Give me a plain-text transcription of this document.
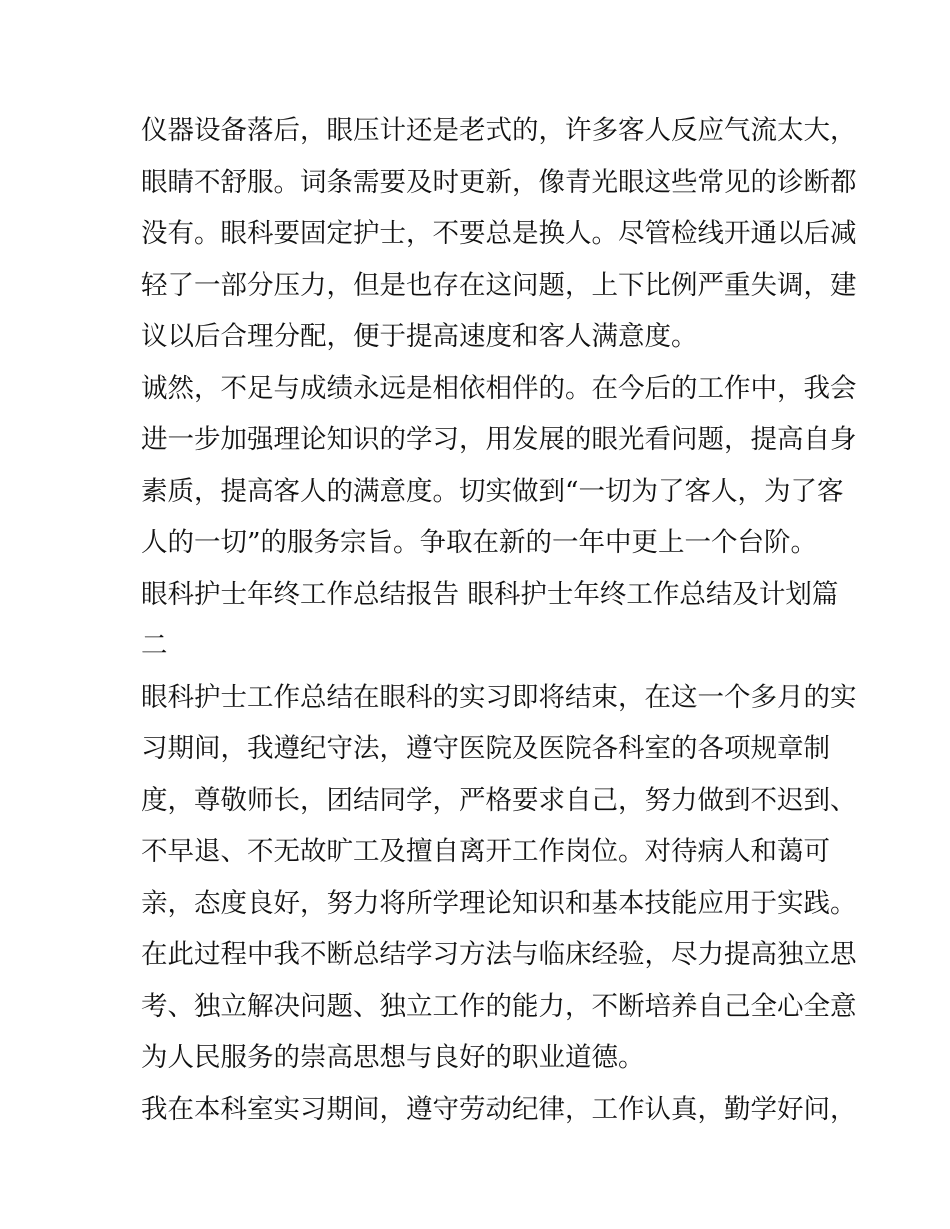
仪器设备落后，眼压计还是老式的，许多客人反应气流太大，
眼睛不舒服。词条需要及时更新，像青光眼这些常见的诊断都
没有。眼科要固定护士，不要总是换人。尽管检线开通以后减
轻了一部分压力，但是也存在这问题，上下比例严重失调，建
议以后合理分配，便于提高速度和客人满意度。
诚然，不足与成绩永远是相依相伴的。在今后的工作中，我会
进一步加强理论知识的学习，用发展的眼光看问题，提高自身
素质，提高客人的满意度。切实做到“一切为了客人，为了客
人的一切”的服务宗旨。争取在新的一年中更上一个台阶。
眼科护士年终工作总结报告 眼科护士年终工作总结及计划篇
二
眼科护士工作总结在眼科的实习即将结束，在这一个多月的实
习期间，我遵纪守法，遵守医院及医院各科室的各项规章制
度，尊敬师长，团结同学，严格要求自己，努力做到不迟到、
不早退、不无故旷工及擅自离开工作岗位。对待病人和蔼可
亲，态度良好，努力将所学理论知识和基本技能应用于实践。
在此过程中我不断总结学习方法与临床经验，尽力提高独立思
考、独立解决问题、独立工作的能力，不断培养自己全心全意
为人民服务的崇高思想与良好的职业道德。
我在本科室实习期间，遵守劳动纪律，工作认真，勤学好问，
